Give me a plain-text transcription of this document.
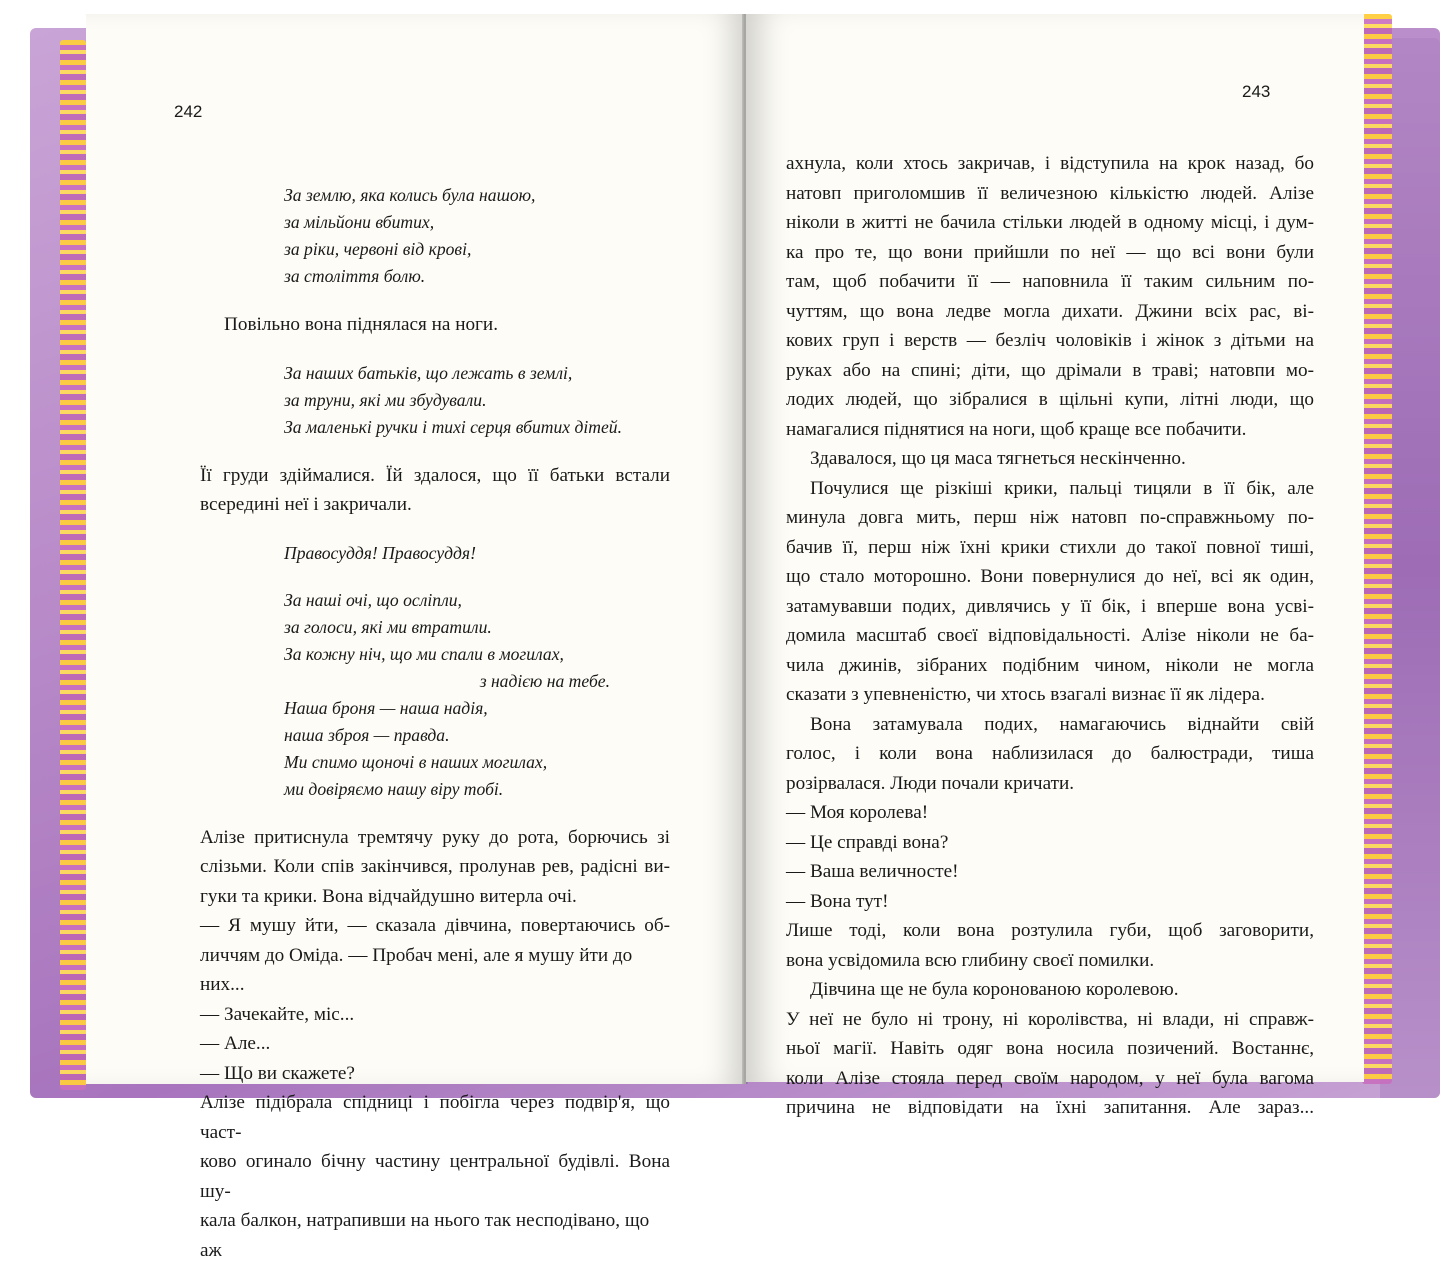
242
За землю, яка колись була нашою,
за мільйони вбитих,
за ріки, червоні від крові,
за століття болю.
Повільно вона піднялася на ноги.
За наших батьків, що лежать в землі,
за труни, які ми збудували.
За маленькі ручки і тихі серця вбитих дітей.
Її груди здіймалися. Їй здалося, що її батьки встали
всередині неї і закричали.
Правосуддя! Правосуддя!
За наші очі, що осліпли,
за голоси, які ми втратили.
За кожну ніч, що ми спали в могилах,
з надією на тебе.
Наша броня — наша надія,
наша зброя — правда.
Ми спимо щоночі в наших могилах,
ми довіряємо нашу віру тобі.
Алізе притиснула тремтячу руку до рота, борючись зі
слізьми. Коли спів закінчився, пролунав рев, радісні ви-
гуки та крики. Вона відчайдушно витерла очі.
— Я мушу йти, — сказала дівчина, повертаючись об-
личчям до Оміда. — Пробач мені, але я мушу йти до них...
— Зачекайте, міс...
— Але...
— Що ви скажете?
Алізе підібрала спідниці і побігла через подвір'я, що част-
ково огинало бічну частину центральної будівлі. Вона шу-
кала балкон, натрапивши на нього так несподівано, що аж
243
ахнула, коли хтось закричав, і відступила на крок назад, бо
натовп приголомшив її величезною кількістю людей. Алізе
ніколи в житті не бачила стільки людей в одному місці, і дум-
ка про те, що вони прийшли по неї — що всі вони були
там, щоб побачити її — наповнила її таким сильним по-
чуттям, що вона ледве могла дихати. Джини всіх рас, ві-
кових груп і верств — безліч чоловіків і жінок з дітьми на
руках або на спині; діти, що дрімали в траві; натовпи мо-
лодих людей, що зібралися в щільні купи, літні люди, що
намагалися піднятися на ноги, щоб краще все побачити.
Здавалося, що ця маса тягнеться нескінченно.
Почулися ще різкіші крики, пальці тицяли в її бік, але
минула довга мить, перш ніж натовп по-справжньому по-
бачив її, перш ніж їхні крики стихли до такої повної тиші,
що стало моторошно. Вони повернулися до неї, всі як один,
затамувавши подих, дивлячись у її бік, і вперше вона усві-
домила масштаб своєї відповідальності. Алізе ніколи не ба-
чила джинів, зібраних подібним чином, ніколи не могла
сказати з упевненістю, чи хтось взагалі визнає її як лідера.
Вона затамувала подих, намагаючись віднайти свій
голос, і коли вона наблизилася до балюстради, тиша
розірвалася. Люди почали кричати.
— Моя королева!
— Це справді вона?
— Ваша величносте!
— Вона тут!
Лише тоді, коли вона розтулила губи, щоб заговорити,
вона усвідомила всю глибину своєї помилки.
Дівчина ще не була коронованою королевою.
У неї не було ні трону, ні королівства, ні влади, ні справж-
ньої магії. Навіть одяг вона носила позичений. Востаннє,
коли Алізе стояла перед своїм народом, у неї була вагома
причина не відповідати на їхні запитання. Але зараз...
